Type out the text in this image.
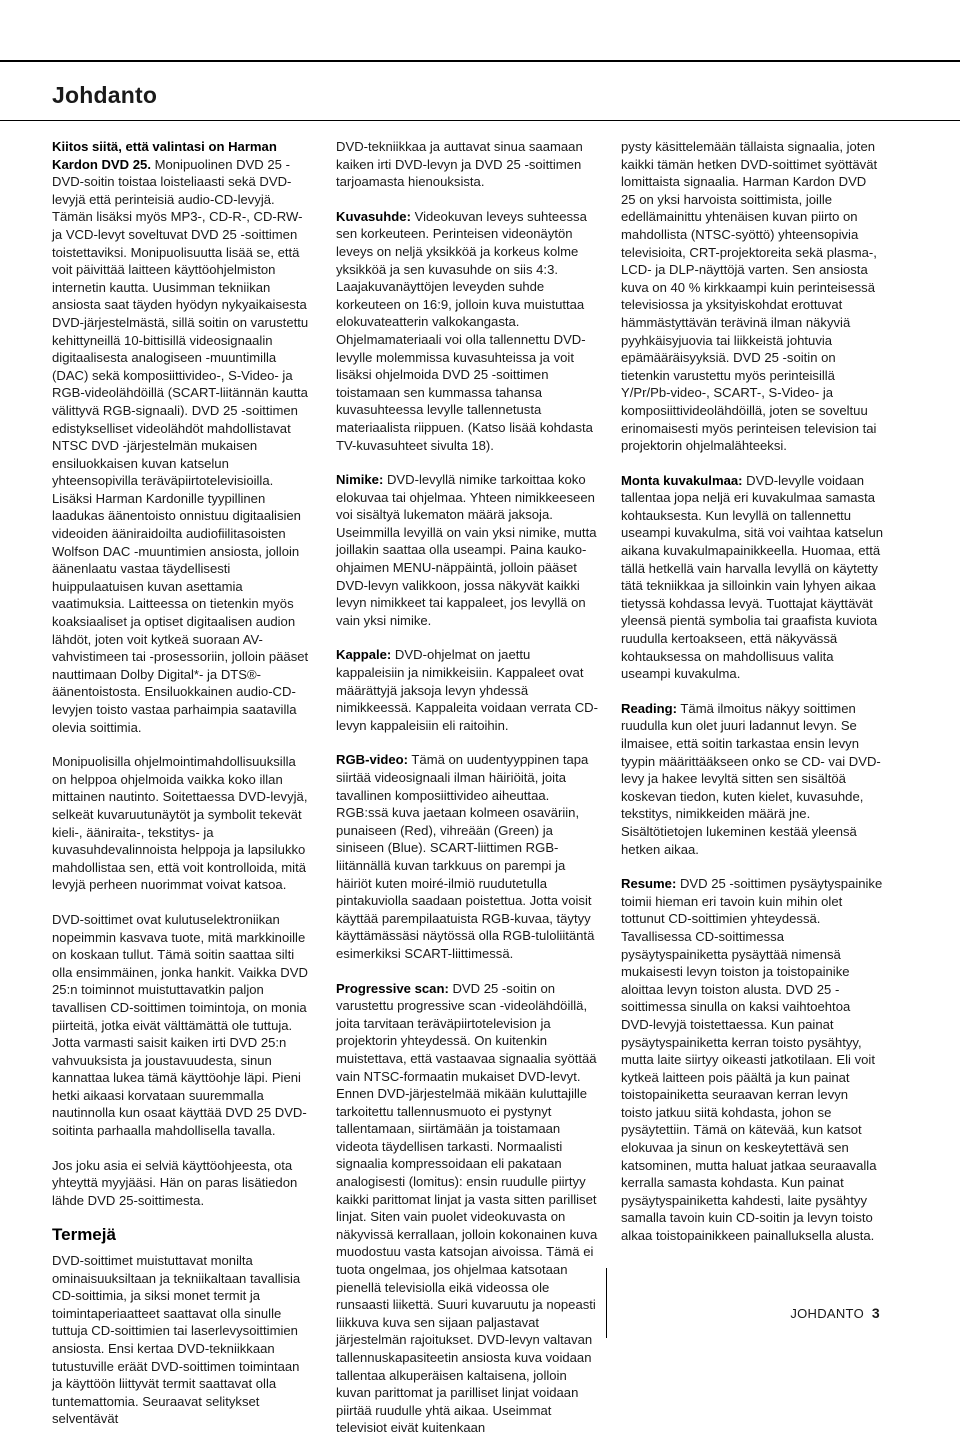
Johdanto

Kiitos siitä, että valintasi on Harman Kardon DVD 25. Monipuolinen DVD 25 -DVD-soitin toistaa loisteliaasti sekä DVD-levyjä että perinteisiä audio-CD-levyjä. Tämän lisäksi myös MP3-, CD-R-, CD-RW- ja VCD-levyt soveltuvat DVD 25 -soittimen toistettaviksi. Monipuolisuutta lisää se, että voit päivittää laitteen käyttöohjelmiston internetin kautta. Uusimman tekniikan ansiosta saat täyden hyödyn nykyaikaisesta DVD-järjestelmästä, sillä soitin on varustettu kehittyneillä 10-bittisillä videosignaalin digitaalisesta analogiseen -muuntimilla (DAC) sekä komposiittivideo-, S-Video- ja RGB-videolähdöillä (SCART-liitännän kautta välittyvä RGB-signaali). DVD 25 -soittimen edistykselliset videolähdöt mahdollistavat NTSC DVD -järjestelmän mukaisen ensiluokkaisen kuvan katselun yhteensopivilla teräväpiirtotelevisioilla. Lisäksi Harman Kardonille tyypillinen laadukas äänentoisto onnistuu digitaalisien videoiden ääniraidoilta audiofiilitasoisten Wolfson DAC -muuntimien ansiosta, jolloin äänenlaatu vastaa täydellisesti huippulaatuisen kuvan asettamia vaatimuksia. Laitteessa on tietenkin myös koaksiaaliset ja optiset digitaalisen audion lähdöt, joten voit kytkeä suoraan AV-vahvistimeen tai -prosessoriin, jolloin pääset nauttimaan Dolby Digital*- ja DTS®-äänentoistosta. Ensiluokkainen audio-CD-levyjen toisto vastaa parhaimpia saatavilla olevia soittimia.

Monipuolisilla ohjelmointimahdollisuuksilla on helppoa ohjelmoida vaikka koko illan mittainen nautinto. Soitettaessa DVD-levyjä, selkeät kuvaruutunäytöt ja symbolit tekevät kieli-, ääniraita-, tekstitys- ja kuvasuhdevalinnoista helppoja ja lapsilukko mahdollistaa sen, että voit kontrolloida, mitä levyjä perheen nuorimmat voivat katsoa.

DVD-soittimet ovat kulutuselektroniikan nopeimmin kasvava tuote, mitä markkinoille on koskaan tullut. Tämä soitin saattaa silti olla ensimmäinen, jonka hankit. Vaikka DVD 25:n toiminnot muistuttavatkin paljon tavallisen CD-soittimen toimintoja, on monia piirteitä, jotka eivät välttämättä ole tuttuja. Jotta varmasti saisit kaiken irti DVD 25:n vahvuuksista ja joustavuudesta, sinun kannattaa lukea tämä käyttöohje läpi. Pieni hetki aikaasi korvataan suuremmalla nautinnolla kun osaat käyttää DVD 25 DVD-soitinta parhaalla mahdollisella tavalla.

Jos joku asia ei selviä käyttöohjeesta, ota yhteyttä myyjääsi. Hän on paras lisätiedon lähde DVD 25-soittimesta.

Termejä

DVD-soittimet muistuttavat monilta ominaisuuksiltaan ja tekniikaltaan tavallisia CD-soittimia, ja siksi monet termit ja toimintaperiaatteet saattavat olla sinulle tuttuja CD-soittimien tai laserlevysoittimien ansiosta. Ensi kertaa DVD-tekniikkaan tutustuville eräät DVD-soittimen toimintaan ja käyttöön liittyvät termit saattavat olla tuntemattomia. Seuraavat selitykset selventävät

DVD-tekniikkaa ja auttavat sinua saamaan kaiken irti DVD-levyn ja DVD 25 -soittimen tarjoamasta hienouksista.

Kuvasuhde: Videokuvan leveys suhteessa sen korkeuteen. Perinteisen videonäytön leveys on neljä yksikköä ja korkeus kolme yksikköä ja sen kuvasuhde on siis 4:3. Laajakuvanäyttöjen leveyden suhde korkeuteen on 16:9, jolloin kuva muistuttaa elokuvateatterin valkokangasta. Ohjelmamateriaali voi olla tallennettu DVD-levylle molemmissa kuvasuhteissa ja voit lisäksi ohjelmoida DVD 25 -soittimen toistamaan sen kummassa tahansa kuvasuhteessa levylle tallennetusta materiaalista riippuen. (Katso lisää kohdasta TV-kuvasuhteet sivulta 18).

Nimike: DVD-levyllä nimike tarkoittaa koko elokuvaa tai ohjelmaa. Yhteen nimikkeeseen voi sisältyä lukematon määrä jaksoja. Useimmilla levyillä on vain yksi nimike, mutta joillakin saattaa olla useampi. Paina kauko-ohjaimen MENU-näppäintä, jolloin pääset DVD-levyn valikkoon, jossa näkyvät kaikki levyn nimikkeet tai kappaleet, jos levyllä on vain yksi nimike.

Kappale: DVD-ohjelmat on jaettu kappaleisiin ja nimikkeisiin. Kappaleet ovat määrättyjä jaksoja levyn yhdessä nimikkeessä. Kappaleita voidaan verrata CD-levyn kappaleisiin eli raitoihin.

RGB-video: Tämä on uudentyyppinen tapa siirtää videosignaali ilman häiriöitä, joita tavallinen komposiittivideo aiheuttaa. RGB:ssä kuva jaetaan kolmeen osaväriin, punaiseen (Red), vihreään (Green) ja siniseen (Blue). SCART-liittimen RGB-liitännällä kuvan tarkkuus on parempi ja häiriöt kuten moiré-ilmiö ruudutetulla pintakuviolla saadaan poistettua. Jotta voisit käyttää parempilaatuista RGB-kuvaa, täytyy käyttämässäsi näytössä olla RGB-tuloliitäntä esimerkiksi SCART-liittimessä.

Progressive scan: DVD 25 -soitin on varustettu progressive scan -videolähdöillä, joita tarvitaan teräväpiirtotelevision ja projektorin yhteydessä. On kuitenkin muistettava, että vastaavaa signaalia syöttää vain NTSC-formaatin mukaiset DVD-levyt. Ennen DVD-järjestelmää mikään kuluttajille tarkoitettu tallennusmuoto ei pystynyt tallentamaan, siirtämään ja toistamaan videota täydellisen tarkasti. Normaalisti signaalia kompressoidaan eli pakataan analogisesti (lomitus): ensin ruudulle piirtyy kaikki parittomat linjat ja vasta sitten parilliset linjat. Siten vain puolet videokuvasta on näkyvissä kerrallaan, jolloin kokonainen kuva muodostuu vasta katsojan aivoissa. Tämä ei tuota ongelmaa, jos ohjelmaa katsotaan pienellä televisiolla eikä videossa ole runsaasti liikettä. Suuri kuvaruutu ja nopeasti liikkuva kuva sen sijaan paljastavat järjestelmän rajoitukset. DVD-levyn valtavan tallennuskapasiteetin ansiosta kuva voidaan tallentaa alkuperäisen kaltaisena, jolloin kuvan parittomat ja parilliset linjat voidaan piirtää ruudulle yhtä aikaa. Useimmat televisiot eivät kuitenkaan

pysty käsittelemään tällaista signaalia, joten kaikki tämän hetken DVD-soittimet syöttävät lomittaista signaalia. Harman Kardon DVD 25 on yksi harvoista soittimista, joille edellämainittu yhtenäisen kuvan piirto on mahdollista (NTSC-syöttö) yhteensopivia televisioita, CRT-projektoreita sekä plasma-, LCD- ja DLP-näyttöjä varten. Sen ansiosta kuva on 40 % kirkkaampi kuin perinteisessä televisiossa ja yksityiskohdat erottuvat hämmästyttävän terävinä ilman näkyviä pyyhkäisyjuovia tai liikkeistä johtuvia epämääräisyyksiä. DVD 25 -soitin on tietenkin varustettu myös perinteisillä Y/Pr/Pb-video-, SCART-, S-Video- ja komposiittivideolähdöillä, joten se soveltuu erinomaisesti myös perinteisen television tai projektorin ohjelmalähteeksi.

Monta kuvakulmaa: DVD-levylle voidaan tallentaa jopa neljä eri kuvakulmaa samasta kohtauksesta. Kun levyllä on tallennettu useampi kuvakulma, sitä voi vaihtaa katselun aikana kuvakulmapainikkeella. Huomaa, että tällä hetkellä vain harvalla levyllä on käytetty tätä tekniikkaa ja silloinkin vain lyhyen aikaa tietyssä kohdassa levyä. Tuottajat käyttävät yleensä pientä symbolia tai graafista kuviota ruudulla kertoakseen, että näkyvässä kohtauksessa on mahdollisuus valita useampi kuvakulma.

Reading: Tämä ilmoitus näkyy soittimen ruudulla kun olet juuri ladannut levyn. Se ilmaisee, että soitin tarkastaa ensin levyn tyypin määrittääkseen onko se CD- vai DVD-levy ja hakee levyltä sitten sen sisältöä koskevan tiedon, kuten kielet, kuvasuhde, tekstitys, nimikkeiden määrä jne. Sisältötietojen lukeminen kestää yleensä hetken aikaa.

Resume: DVD 25 -soittimen pysäytyspainike toimii hieman eri tavoin kuin mihin olet tottunut CD-soittimien yhteydessä. Tavallisessa CD-soittimessa pysäytyspainiketta pysäyttää nimensä mukaisesti levyn toiston ja toistopainike aloittaa levyn toiston alusta. DVD 25 -soittimessa sinulla on kaksi vaihtoehtoa DVD-levyjä toistettaessa. Kun painat pysäytyspainiketta kerran toisto pysähtyy, mutta laite siirtyy oikeasti jatkotilaan. Eli voit kytkeä laitteen pois päältä ja kun painat toistopainiketta seuraavan kerran levyn toisto jatkuu siitä kohdasta, johon se pysäytettiin. Tämä on kätevää, kun katsot elokuvaa ja sinun on keskeytettävä sen katsominen, mutta haluat jatkaa seuraavalla kerralla samasta kohdasta. Kun painat pysäytyspainiketta kahdesti, laite pysähtyy samalla tavoin kuin CD-soitin ja levyn toisto alkaa toistopainikkeen painalluksella alusta.

JOHDANTO 3
